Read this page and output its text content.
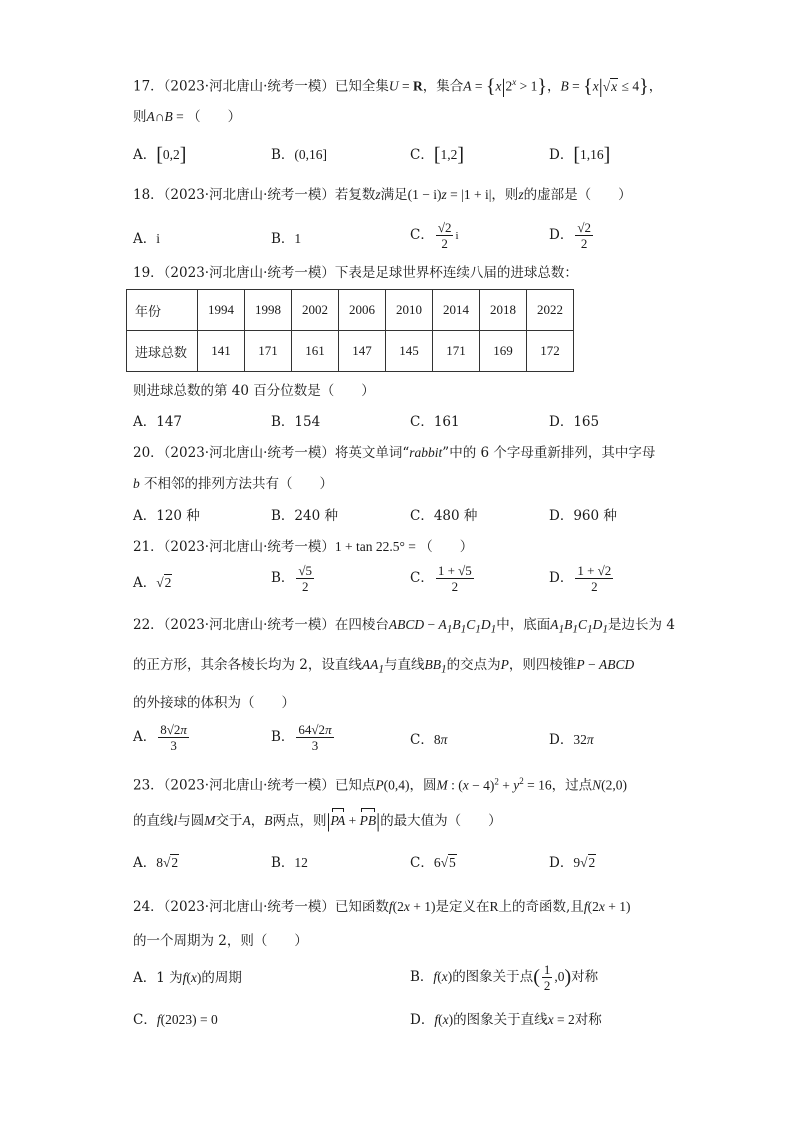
17．（2023·河北唐山·统考一模）已知全集U = R，集合$A = \{x|2^x > 1\}$，B = {x|√x ≤ 4}，
则A∩B = （　　）
A．[0,2]	B．(0,16]	C．[1,2]	D．[1,16]
18．（2023·河北唐山·统考一模）若复数z满足(1 − i)z = |1 + i|，则z的虚部是（　　）
A．i	B．1	C． $\frac{√2}{2}$ i	D． $\frac{√2}{2}$
19．（2023·河北唐山·统考一模）下表是足球世界杯连续八届的进球总数：
年份	1994	1998	2002	2006	2010	2014	2018	2022
进球总数	141	171	161	147	145	171	169	172
则进球总数的第 40 百分位数是（　　）
A．147	B．154	C．161	D．165
20．（2023·河北唐山·统考一模）将英文单词“rabbit”中的 6 个字母重新排列，其中字母
b 不相邻的排列方法共有（　　）
A．120 种	B．240 种	C．480 种	D．960 种
21．（2023·河北唐山·统考一模）1 + tan 22.5° = （　　）
A．√2	B． $\frac{√5}{2}$	C． $\frac{1 + √5}{2}$	D． $\frac{1 + √2}{2}$
22．（2023·河北唐山·统考一模）在四棱台ABCD − $A_1B_1C_1D_1$中，底面$A_1B_1C_1D_1$是边长为 4
的正方形，其余各棱长均为 2，设直线$AA_1$与直线$BB_1$的交点为P，则四棱锥P − ABCD
的外接球的体积为（　　）
A． $\frac{8√2\pi}{3}$	B． $\frac{64√2\pi}{3}$	C．8π	D．32π
23．（2023·河北唐山·统考一模）已知点P(0,4)，圆M : $(x - 4)^2 + y^2 = 16$，过点N(2,0)
的直线l与圆M交于A，B两点，则|PA + PB|的最大值为（　　）
A．8√2	B．12	C．6√5	D．9√2
24．（2023·河北唐山·统考一模）已知函数f(2x + 1)是定义在R上的奇函数,且f(2x + 1)
的一个周期为 2，则（　　）
A．1 为f(x)的周期	B．f(x)的图象关于点( $\frac{1}{2} ,0$)对称
C．f(2023) = 0	D．f(x)的图象关于直线x = 2对称
